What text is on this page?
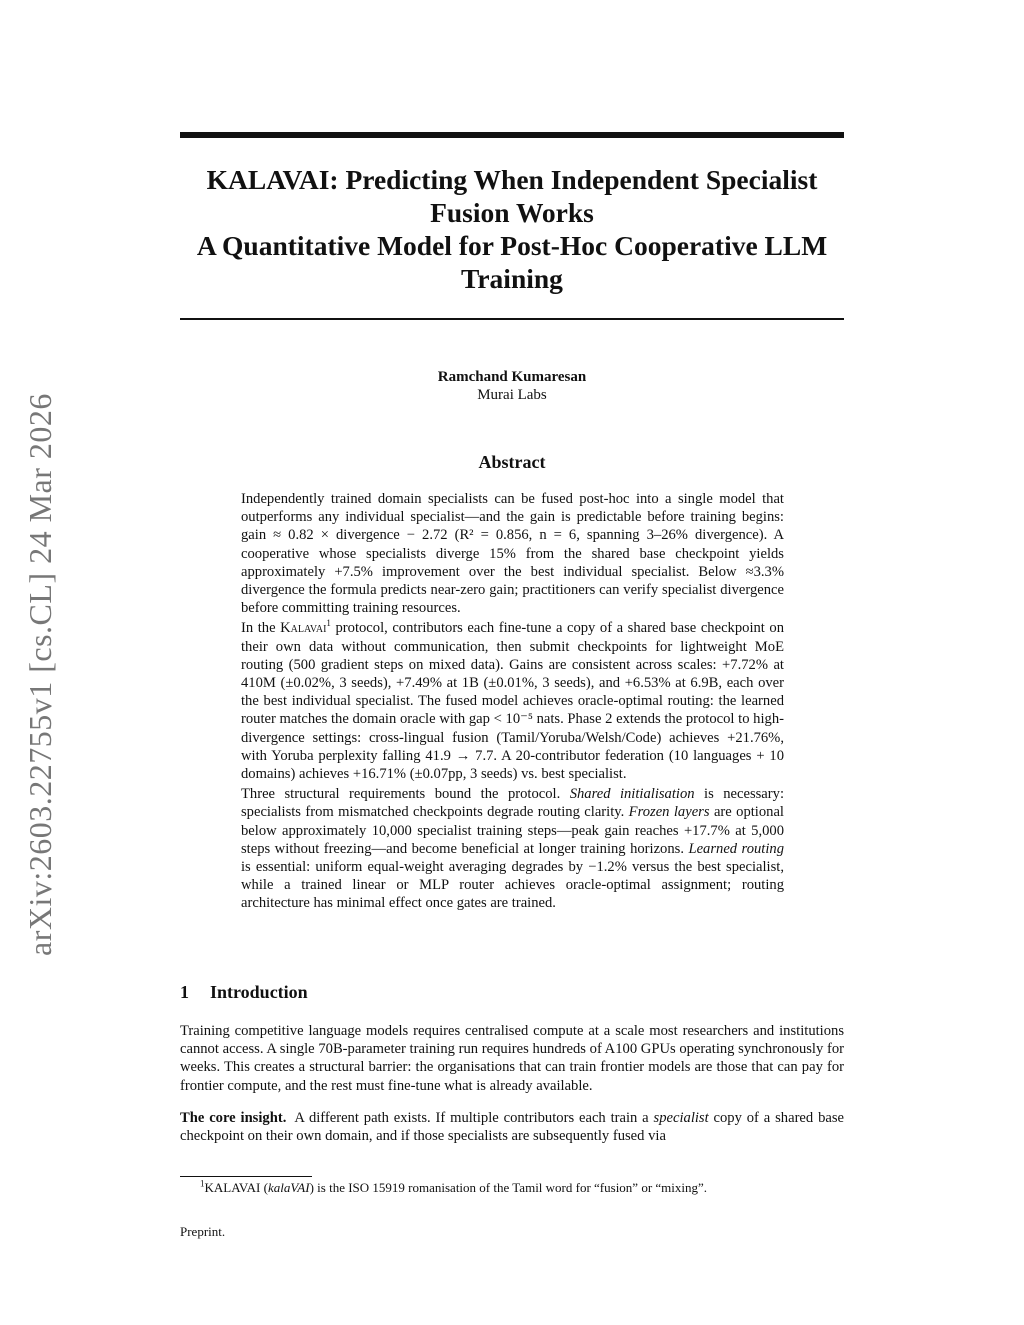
arXiv:2603.22755v1 [cs.CL] 24 Mar 2026
KALAVAI: Predicting When Independent Specialist
Fusion Works
A Quantitative Model for Post-Hoc Cooperative LLM
Training
Ramchand Kumaresan
Murai Labs
Abstract

Independently trained domain specialists can be fused post-hoc into a single model that outperforms any individual specialist—and the gain is predictable before training begins: gain ≈ 0.82 × divergence − 2.72 (R² = 0.856, n = 6, spanning 3–26% divergence). A cooperative whose specialists diverge 15% from the shared base checkpoint yields approximately +7.5% improvement over the best individual specialist. Below ≈3.3% divergence the formula predicts near-zero gain; practitioners can verify specialist divergence before committing training resources.

In the Kalavai$^1$ protocol, contributors each fine-tune a copy of a shared base checkpoint on their own data without communication, then submit checkpoints for lightweight MoE routing (500 gradient steps on mixed data). Gains are consistent across scales: +7.72% at 410M (±0.02%, 3 seeds), +7.49% at 1B (±0.01%, 3 seeds), and +6.53% at 6.9B, each over the best individual specialist. The fused model achieves oracle-optimal routing: the learned router matches the domain oracle with gap < 10⁻⁵ nats. Phase 2 extends the protocol to high-divergence settings: cross-lingual fusion (Tamil/Yoruba/Welsh/Code) achieves +21.76%, with Yoruba perplexity falling 41.9 → 7.7. A 20-contributor federation (10 languages + 10 domains) achieves +16.71% (±0.07pp, 3 seeds) vs. best specialist.

Three structural requirements bound the protocol. Shared initialisation is necessary: specialists from mismatched checkpoints degrade routing clarity. Frozen layers are optional below approximately 10,000 specialist training steps—peak gain reaches +17.7% at 5,000 steps without freezing—and become beneficial at longer training horizons. Learned routing is essential: uniform equal-weight averaging degrades by −1.2% versus the best specialist, while a trained linear or MLP router achieves oracle-optimal assignment; routing architecture has minimal effect once gates are trained.

1 Introduction

Training competitive language models requires centralised compute at a scale most researchers and institutions cannot access. A single 70B-parameter training run requires hundreds of A100 GPUs operating synchronously for weeks. This creates a structural barrier: the organisations that can train frontier models are those that can pay for frontier compute, and the rest must fine-tune what is already available.

The core insight. A different path exists. If multiple contributors each train a specialist copy of a shared base checkpoint on their own domain, and if those specialists are subsequently fused via

$^1$KALAVAI (kalaVAI) is the ISO 15919 romanisation of the Tamil word for “fusion” or “mixing”.
Preprint.
